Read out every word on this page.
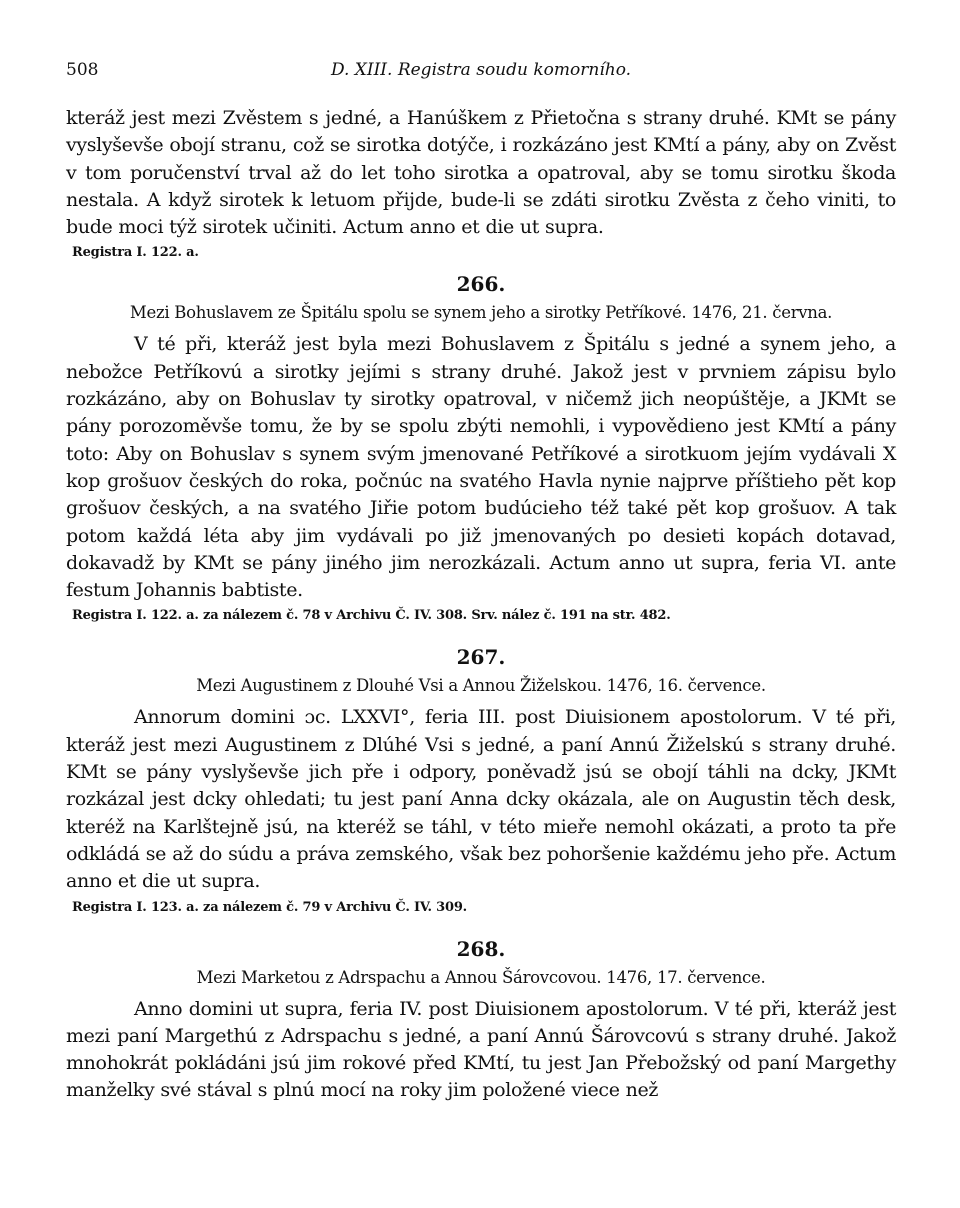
508	D. XIII. Registra soudu komorního.

kteráž jest mezi Zvěstem s jedné, a Hanúškem z Přietočna s strany druhé. KMt se pány vyslyševše obojí stranu, což se sirotka dotýče, i rozkázáno jest KMtí a pány, aby on Zvěst v tom poručenství trval až do let toho sirotka a opatroval, aby se tomu sirotku škoda nestala. A když sirotek k letuom přijde, bude-li se zdáti sirotku Zvěsta z čeho viniti, to bude moci týž sirotek učiniti. Actum anno et die ut supra.

Registra I. 122. a.
266.
Mezi Bohuslavem ze Špitálu spolu se synem jeho a sirotky Petříkové. 1476, 21. června.

V té při, kteráž jest byla mezi Bohuslavem z Špitálu s jedné a synem jeho, a nebožce Petříkovú a sirotky jejími s strany druhé. Jakož jest v prvniem zápisu bylo rozkázáno, aby on Bohuslav ty sirotky opatroval, v ničemž jich neopúštěje, a JKMt se pány porozoměvše tomu, že by se spolu zbýti nemohli, i vypovědieno jest KMtí a pány toto: Aby on Bohuslav s synem svým jmenované Petříkové a sirotkuom jejím vydávali X kop grošuov českých do roka, počnúc na svatého Havla nynie najprve příštieho pět kop grošuov českých, a na svatého Jiřie potom budúcieho též také pět kop grošuov. A tak potom každá léta aby jim vydávali po již jmenovaných po desieti kopách dotavad, dokavadž by KMt se pány jiného jim nerozkázali. Actum anno ut supra, feria VI. ante festum Johannis babtiste.

Registra I. 122. a. za nálezem č. 78 v Archivu Č. IV. 308. Srv. nález č. 191 na str. 482.
267.
Mezi Augustinem z Dlouhé Vsi a Annou Žiželskou. 1476, 16. července.

Annorum domini ɔc. LXXVI°, feria III. post Diuisionem apostolorum. V té při, kteráž jest mezi Augustinem z Dlúhé Vsi s jedné, a paní Annú Žiželskú s strany druhé. KMt se pány vyslyševše jich pře i odpory, poněvadž jsú se obojí táhli na dcky, JKMt rozkázal jest dcky ohledati; tu jest paní Anna dcky okázala, ale on Augustin těch desk, kteréž na Karlštejně jsú, na kteréž se táhl, v této mieře nemohl okázati, a proto ta pře odkládá se až do súdu a práva zemského, však bez pohoršenie každému jeho pře. Actum anno et die ut supra.

Registra I. 123. a. za nálezem č. 79 v Archivu Č. IV. 309.
268.
Mezi Marketou z Adrspachu a Annou Šárovcovou. 1476, 17. července.

Anno domini ut supra, feria IV. post Diuisionem apostolorum. V té při, kteráž jest mezi paní Margethú z Adrspachu s jedné, a paní Annú Šárovcovú s strany druhé. Jakož mnohokrát pokládáni jsú jim rokové před KMtí, tu jest Jan Přebožský od paní Margethy manželky své stával s plnú mocí na roky jim položené viece než
